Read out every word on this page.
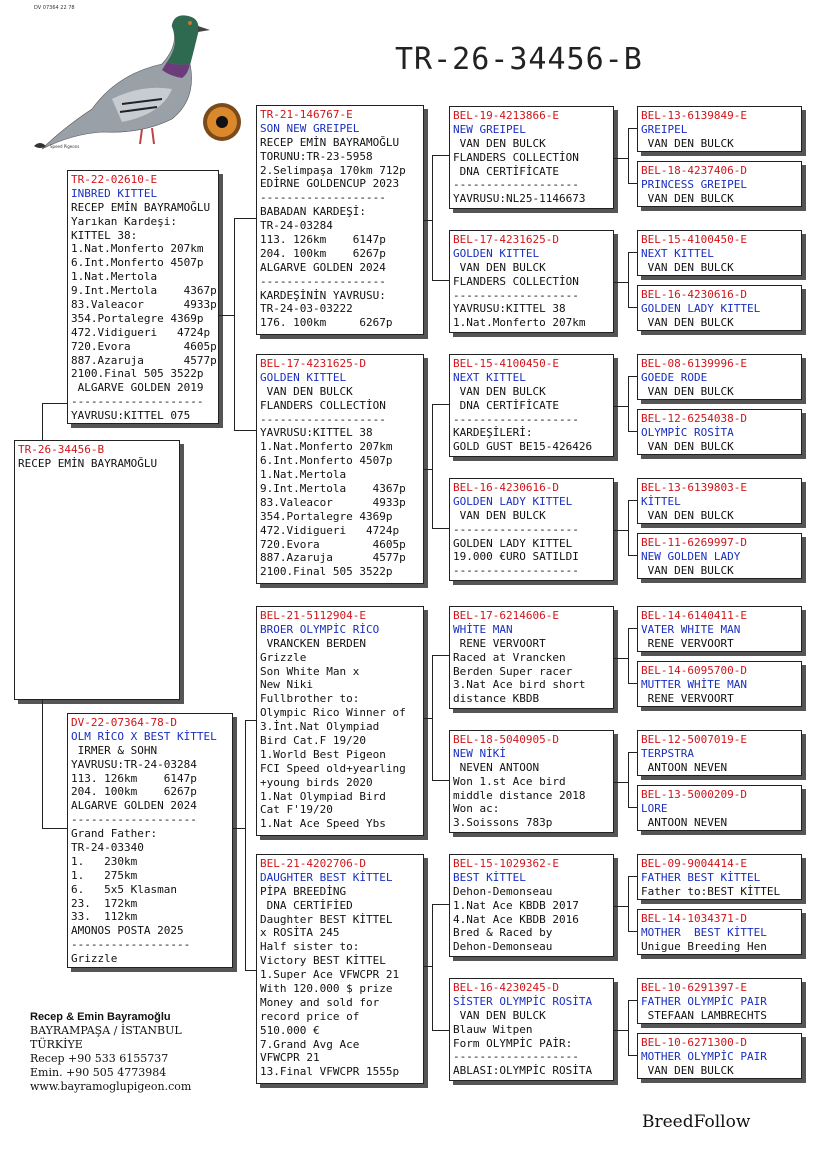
TR-26-34456-B
DV 07364 22 78
Speed Pigeons
TR-26-34456-B
RECEP EMİN BAYRAMOĞLU
TR-22-02610-E
INBRED KITTEL
RECEP EMİN BAYRAMOĞLU
Yarıkan Kardeşi:
KITTEL 38:
1.Nat.Monferto 207km
6.Int.Monferto 4507p
1.Nat.Mertola
9.Int.Mertola    4367p
83.Valeacor      4933p
354.Portalegre 4369p
472.Vidigueri   4724p
720.Evora        4605p
887.Azaruja      4577p
2100.Final 505 3522p
ALGARVE GOLDEN 2019
--------------------
YAVRUSU:KITTEL 075
DV-22-07364-78-D
OLM RİCO X BEST KİTTEL
IRMER & SOHN
YAVRUSU:TR-24-03284
113. 126km    6147p
204. 100km    6267p
ALGARVE GOLDEN 2024
-------------------
Grand Father:
TR-24-03340
1.   230km
1.   275km
6.   5x5 Klasman
23.  172km
33.  112km
AMONOS POSTA 2025
------------------
Grizzle
TR-21-146767-E
SON NEW GREIPEL
RECEP EMİN BAYRAMOĞLU
TORUNU:TR-23-5958
2.Selimpaşa 170km 712p
EDİRNE GOLDENCUP 2023
-------------------
BABADAN KARDEŞİ:
TR-24-03284
113. 126km    6147p
204. 100km    6267p
ALGARVE GOLDEN 2024
-------------------
KARDEŞİNİN YAVRUSU:
TR-24-03-03222
176. 100km     6267p
BEL-17-4231625-D
GOLDEN KITTEL
VAN DEN BULCK
FLANDERS COLLECTİON
-------------------
YAVRUSU:KITTEL 38
1.Nat.Monferto 207km
6.Int.Monferto 4507p
1.Nat.Mertola
9.Int.Mertola    4367p
83.Valeacor      4933p
354.Portalegre 4369p
472.Vidigueri   4724p
720.Evora        4605p
887.Azaruja      4577p
2100.Final 505 3522p
BEL-21-5112904-E
BROER OLYMPİC RİCO
VRANCKEN BERDEN
Grizzle
Son White Man x
New Niki
Fullbrother to:
Olympic Rico Winner of
3.İnt.Nat Olympiad
Bird Cat.F 19/20
1.World Best Pigeon
FCI Speed old+yearling
+young birds 2020
1.Nat Olympiad Bird
Cat F'19/20
1.Nat Ace Speed Ybs
BEL-21-4202706-D
DAUGHTER BEST KİTTEL
PİPA BREEDİNG
DNA CERTİFİED
Daughter BEST KİTTEL
x ROSİTA 245
Half sister to:
Victory BEST KİTTEL
1.Super Ace VFWCPR 21
With 120.000 $ prize
Money and sold for
record price of
510.000 €
7.Grand Avg Ace
VFWCPR 21
13.Final VFWCPR 1555p
BEL-19-4213866-E
NEW GREIPEL
VAN DEN BULCK
FLANDERS COLLECTİON
DNA CERTİFİCATE
-------------------
YAVRUSU:NL25-1146673
BEL-17-4231625-D
GOLDEN KITTEL
VAN DEN BULCK
FLANDERS COLLECTİON
-------------------
YAVRUSU:KITTEL 38
1.Nat.Monferto 207km
BEL-15-4100450-E
NEXT KITTEL
VAN DEN BULCK
DNA CERTİFİCATE
-------------------
KARDEŞİLERİ:
GOLD GUST BE15-426426
BEL-16-4230616-D
GOLDEN LADY KITTEL
VAN DEN BULCK
-------------------
GOLDEN LADY KITTEL
19.000 €URO SATILDI
-------------------
BEL-17-6214606-E
WHİTE MAN
RENE VERVOORT
Raced at Vrancken
Berden Super racer
3.Nat Ace bird short
distance KBDB
BEL-18-5040905-D
NEW NİKİ
NEVEN ANTOON
Won 1.st Ace bird
middle distance 2018
Won ac:
3.Soissons 783p
BEL-15-1029362-E
BEST KİTTEL
Dehon-Demonseau
1.Nat Ace KBDB 2017
4.Nat Ace KBDB 2016
Bred & Raced by
Dehon-Demonseau
BEL-16-4230245-D
SİSTER OLYMPİC ROSİTA
VAN DEN BULCK
Blauw Witpen
Form OLYMPİC PAİR:
-------------------
ABLASI:OLYMPİC ROSİTA
BEL-13-6139849-E
GREIPEL
VAN DEN BULCK
BEL-18-4237406-D
PRINCESS GREIPEL
VAN DEN BULCK
BEL-15-4100450-E
NEXT KITTEL
VAN DEN BULCK
BEL-16-4230616-D
GOLDEN LADY KITTEL
VAN DEN BULCK
BEL-08-6139996-E
GOEDE RODE
VAN DEN BULCK
BEL-12-6254038-D
OLYMPİC ROSİTA
VAN DEN BULCK
BEL-13-6139803-E
KİTTEL
VAN DEN BULCK
BEL-11-6269997-D
NEW GOLDEN LADY
VAN DEN BULCK
BEL-14-6140411-E
VATER WHITE MAN
RENE VERVOORT
BEL-14-6095700-D
MUTTER WHİTE MAN
RENE VERVOORT
BEL-12-5007019-E
TERPSTRA
ANTOON NEVEN
BEL-13-5000209-D
LORE
ANTOON NEVEN
BEL-09-9004414-E
FATHER BEST KİTTEL
Father to:BEST KİTTEL
BEL-14-1034371-D
MOTHER  BEST KİTTEL
Unigue Breeding Hen
BEL-10-6291397-E
FATHER OLYMPİC PAIR
STEFAAN LAMBRECHTS
BEL-10-6271300-D
MOTHER OLYMPİC PAIR
VAN DEN BULCK
Recep & Emin Bayramoğlu
BAYRAMPAŞA / İSTANBUL
TÜRKİYE
Recep +90 533 6155737
Emin. +90 505 4773984
www.bayramoglupigeon.com
BreedFollow
